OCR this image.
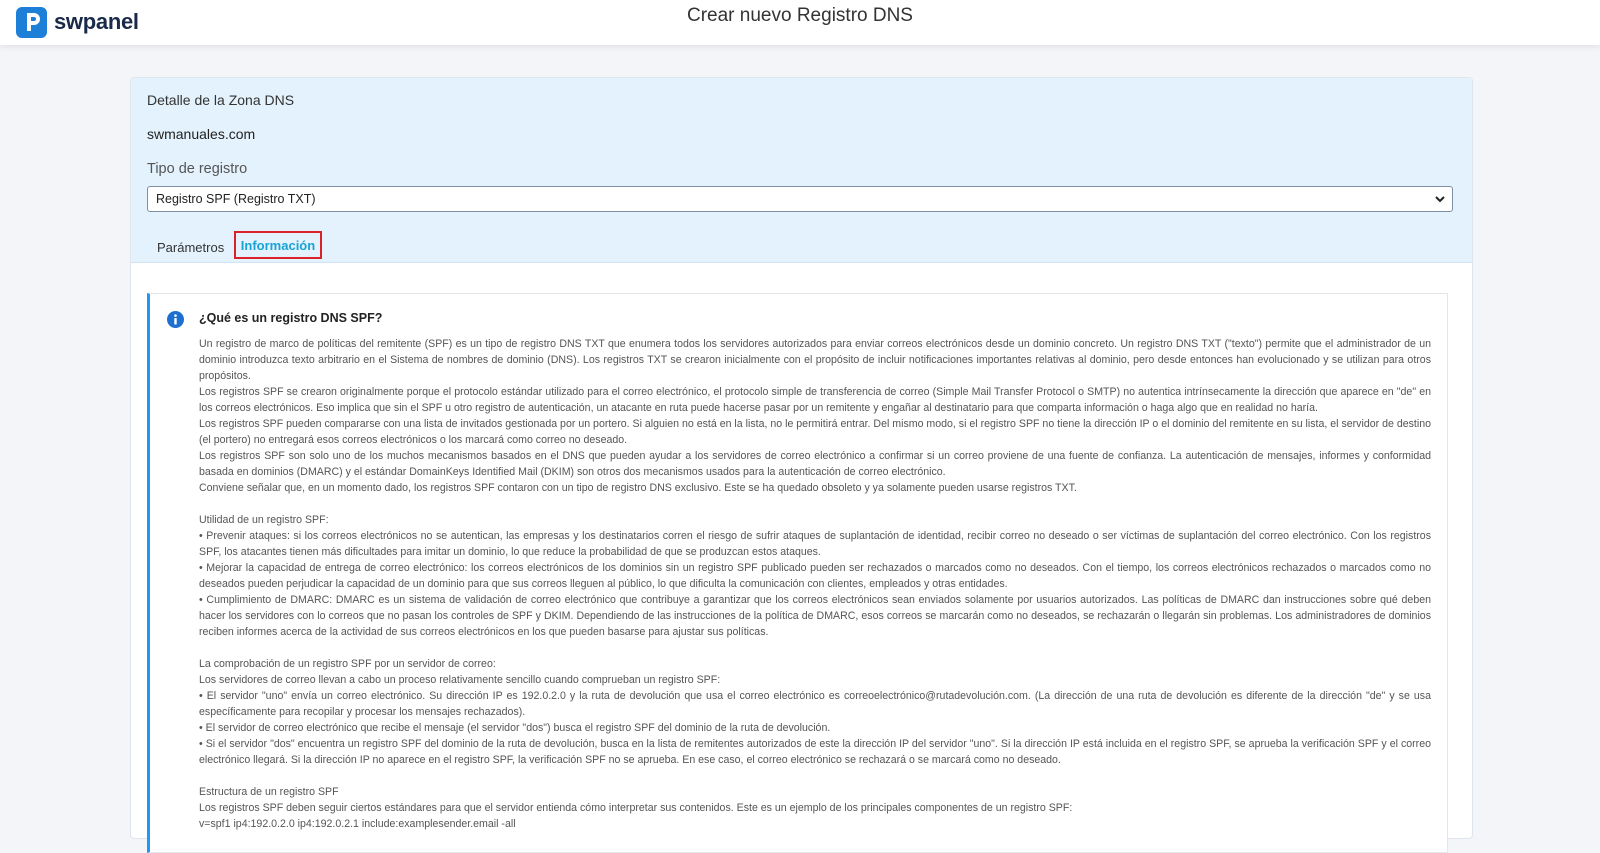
swpanel	Crear nuevo Registro DNS
Detalle de la Zona DNS
swmanuales.com
Tipo de registro
Registro SPF (Registro TXT)
Parámetros	Información
¿Qué es un registro DNS SPF?

Un registro de marco de políticas del remitente (SPF) es un tipo de registro DNS TXT que enumera todos los servidores autorizados para enviar correos electrónicos desde un dominio concreto. Un registro DNS TXT ("texto") permite que el administrador de un dominio introduzca texto arbitrario en el Sistema de nombres de dominio (DNS). Los registros TXT se crearon inicialmente con el propósito de incluir notificaciones importantes relativas al dominio, pero desde entonces han evolucionado y se utilizan para otros propósitos.

Los registros SPF se crearon originalmente porque el protocolo estándar utilizado para el correo electrónico, el protocolo simple de transferencia de correo (Simple Mail Transfer Protocol o SMTP) no autentica intrínsecamente la dirección que aparece en "de" en los correos electrónicos. Eso implica que sin el SPF u otro registro de autenticación, un atacante en ruta puede hacerse pasar por un remitente y engañar al destinatario para que comparta información o haga algo que en realidad no haría.

Los registros SPF pueden compararse con una lista de invitados gestionada por un portero. Si alguien no está en la lista, no le permitirá entrar. Del mismo modo, si el registro SPF no tiene la dirección IP o el dominio del remitente en su lista, el servidor de destino (el portero) no entregará esos correos electrónicos o los marcará como correo no deseado.

Los registros SPF son solo uno de los muchos mecanismos basados en el DNS que pueden ayudar a los servidores de correo electrónico a confirmar si un correo proviene de una fuente de confianza. La autenticación de mensajes, informes y conformidad basada en dominios (DMARC) y el estándar DomainKeys Identified Mail (DKIM) son otros dos mecanismos usados para la autenticación de correo electrónico.

Conviene señalar que, en un momento dado, los registros SPF contaron con un tipo de registro DNS exclusivo. Este se ha quedado obsoleto y ya solamente pueden usarse registros TXT.

Utilidad de un registro SPF:

• Prevenir ataques: si los correos electrónicos no se autentican, las empresas y los destinatarios corren el riesgo de sufrir ataques de suplantación de identidad, recibir correo no deseado o ser víctimas de suplantación del correo electrónico. Con los registros SPF, los atacantes tienen más dificultades para imitar un dominio, lo que reduce la probabilidad de que se produzcan estos ataques.

• Mejorar la capacidad de entrega de correo electrónico: los correos electrónicos de los dominios sin un registro SPF publicado pueden ser rechazados o marcados como no deseados. Con el tiempo, los correos electrónicos rechazados o marcados como no deseados pueden perjudicar la capacidad de un dominio para que sus correos lleguen al público, lo que dificulta la comunicación con clientes, empleados y otras entidades.

• Cumplimiento de DMARC: DMARC es un sistema de validación de correo electrónico que contribuye a garantizar que los correos electrónicos sean enviados solamente por usuarios autorizados. Las políticas de DMARC dan instrucciones sobre qué deben hacer los servidores con lo correos que no pasan los controles de SPF y DKIM. Dependiendo de las instrucciones de la política de DMARC, esos correos se marcarán como no deseados, se rechazarán o llegarán sin problemas. Los administradores de dominios reciben informes acerca de la actividad de sus correos electrónicos en los que pueden basarse para ajustar sus políticas.

La comprobación de un registro SPF por un servidor de correo:

Los servidores de correo llevan a cabo un proceso relativamente sencillo cuando comprueban un registro SPF:

• El servidor "uno" envía un correo electrónico. Su dirección IP es 192.0.2.0 y la ruta de devolución que usa el correo electrónico es correoelectrónico@rutadevolución.com. (La dirección de una ruta de devolución es diferente de la dirección "de" y se usa específicamente para recopilar y procesar los mensajes rechazados).

• El servidor de correo electrónico que recibe el mensaje (el servidor "dos") busca el registro SPF del dominio de la ruta de devolución.

• Si el servidor "dos" encuentra un registro SPF del dominio de la ruta de devolución, busca en la lista de remitentes autorizados de este la dirección IP del servidor "uno". Si la dirección IP está incluida en el registro SPF, se aprueba la verificación SPF y el correo electrónico llegará. Si la dirección IP no aparece en el registro SPF, la verificación SPF no se aprueba. En ese caso, el correo electrónico se rechazará o se marcará como no deseado.

Estructura de un registro SPF

Los registros SPF deben seguir ciertos estándares para que el servidor entienda cómo interpretar sus contenidos. Este es un ejemplo de los principales componentes de un registro SPF:

v=spf1 ip4:192.0.2.0 ip4:192.0.2.1 include:examplesender.email -all
